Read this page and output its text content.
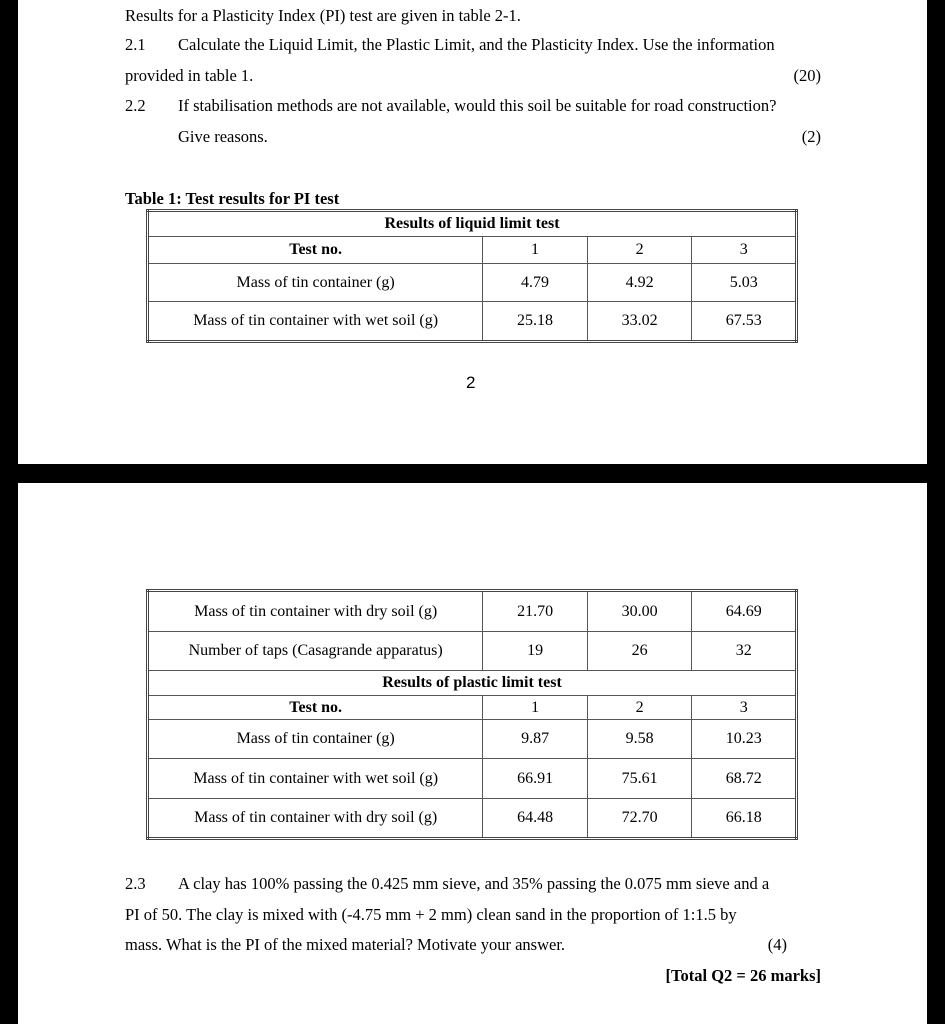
Results for a Plasticity Index (PI) test are given in table 2-1.
2.1 Calculate the Liquid Limit, the Plastic Limit, and the Plasticity Index. Use the information
provided in table 1.	(20)
2.2 If stabilisation methods are not available, would this soil be suitable for road construction?
Give reasons.	(2)
Table 1: Test results for PI test
Results of liquid limit test			
Test no.	1	2	3
Mass of tin container (g)	4.79	4.92	5.03
Mass of tin container with wet soil (g)	25.18	33.02	67.53
2
Mass of tin container with dry soil (g)	21.70	30.00	64.69
Number of taps (Casagrande apparatus)	19	26	32
Results of plastic limit test			
Test no.	1	2	3
Mass of tin container (g)	9.87	9.58	10.23
Mass of tin container with wet soil (g)	66.91	75.61	68.72
Mass of tin container with dry soil (g)	64.48	72.70	66.18
2.3 A clay has 100% passing the 0.425 mm sieve, and 35% passing the 0.075 mm sieve and a
PI of 50. The clay is mixed with (-4.75 mm + 2 mm) clean sand in the proportion of 1:1.5 by
mass. What is the PI of the mixed material? Motivate your answer.	(4)
[Total Q2 = 26 marks]
